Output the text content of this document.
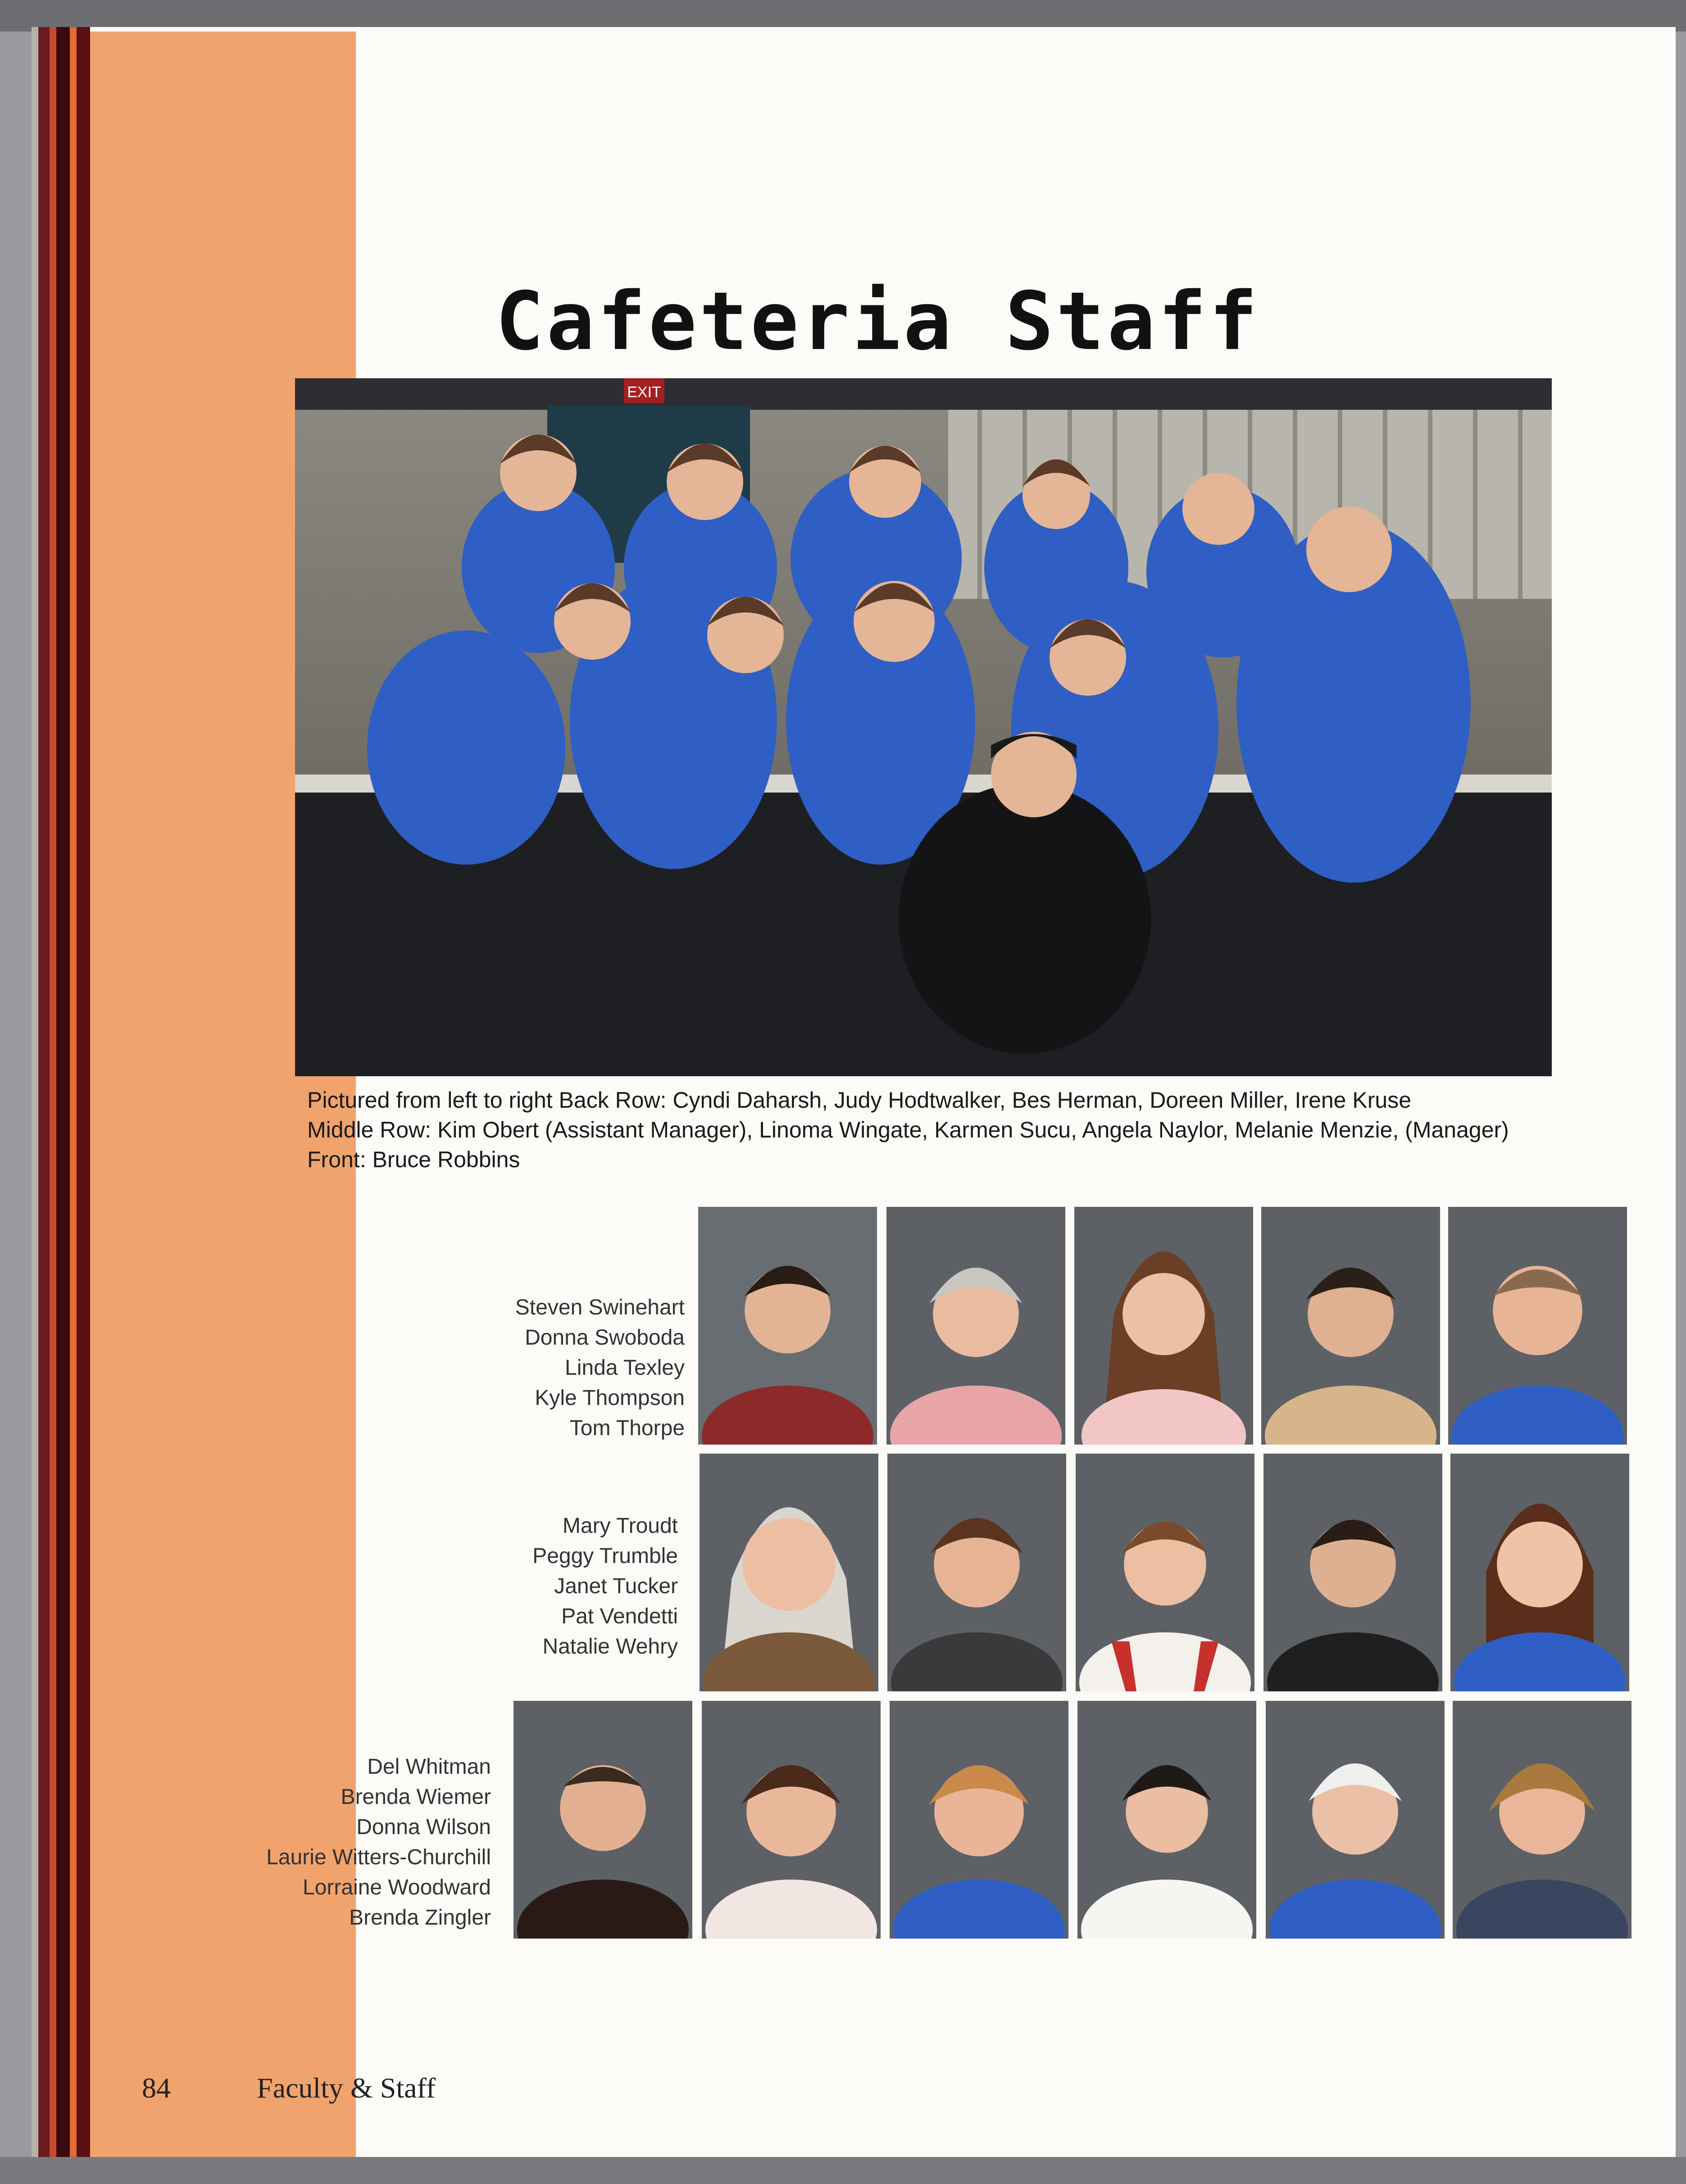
Cafeteria Staff
EXIT
Pictured from left to right Back Row: Cyndi Daharsh, Judy Hodtwalker, Bes Herman, Doreen Miller, Irene Kruse
Middle Row: Kim Obert (Assistant Manager), Linoma Wingate, Karmen Sucu, Angela Naylor, Melanie Menzie, (Manager)
Front: Bruce Robbins
Steven Swinehart
Donna Swoboda
Linda Texley
Kyle Thompson
Tom Thorpe
Mary Troudt
Peggy Trumble
Janet Tucker
Pat Vendetti
Natalie Wehry
Del Whitman
Brenda Wiemer
Donna Wilson
Laurie Witters-Churchill
Lorraine Woodward
Brenda Zingler
84	Faculty & Staff
